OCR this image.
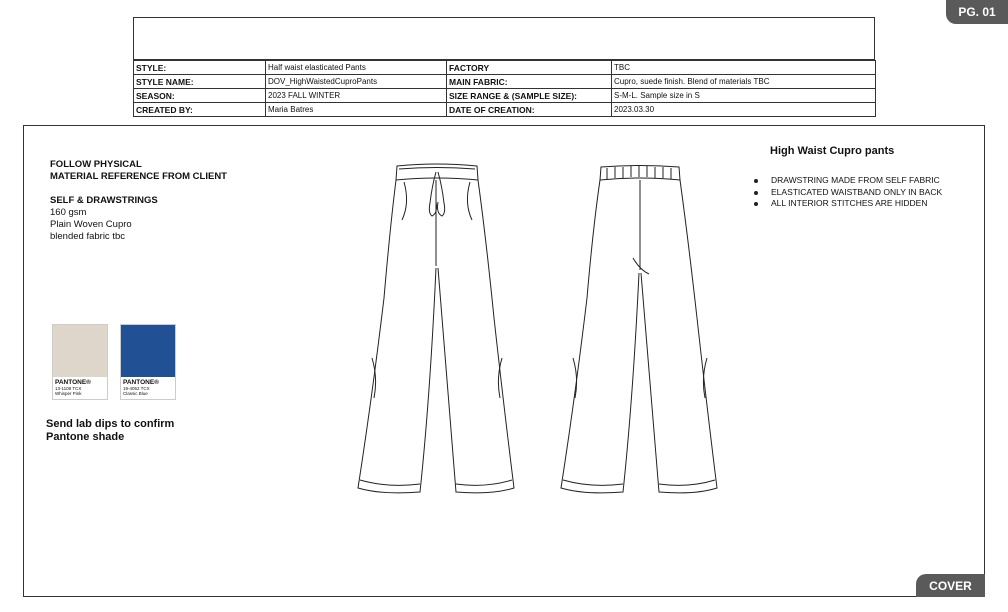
PG. 01
STYLE:	Half waist elasticated Pants	FACTORY	TBC
STYLE NAME:	DOV_HighWaistedCuproPants	MAIN FABRIC:	Cupro, suede finish. Blend of materials TBC
SEASON:	2023 FALL WINTER	SIZE RANGE & (SAMPLE SIZE):	S-M-L. Sample size in S
CREATED BY:	Maria Batres	DATE OF CREATION:	2023.03.30
FOLLOW PHYSICAL
MATERIAL REFERENCE FROM CLIENT
SELF & DRAWSTRINGS
160 gsm
Plain Woven Cupro
blended fabric tbc
PANTONE®
13-1108 TCX
Whisper Pink
PANTONE®
19-4052 TCX
Classic Blue
Send lab dips to confirm
Pantone shade
High Waist Cupro pants
DRAWSTRING MADE FROM SELF FABRIC
ELASTICATED WAISTBAND ONLY IN BACK
ALL INTERIOR STITCHES ARE HIDDEN
COVER
